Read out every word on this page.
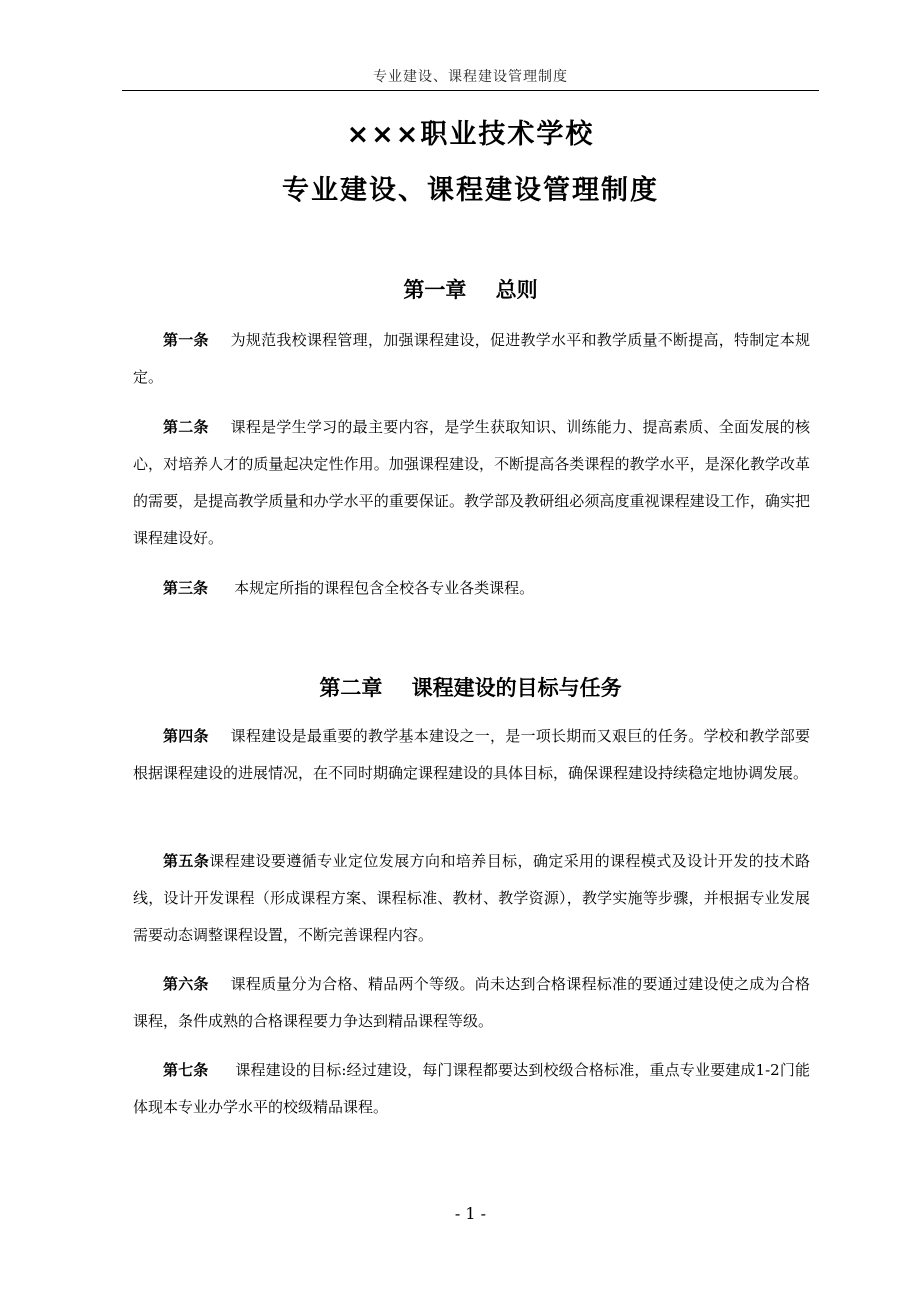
专业建设、课程建设管理制度
×××职业技术学校
专业建设、课程建设管理制度
第一章    总则

第一条 为规范我校课程管理，加强课程建设，促进教学水平和教学质量不断提高，特制定本规定。

第二条 课程是学生学习的最主要内容，是学生获取知识、训练能力、提高素质、全面发展的核心，对培养人才的质量起决定性作用。加强课程建设，不断提高各类课程的教学水平，是深化教学改革的需要，是提高教学质量和办学水平的重要保证。教学部及教研组必须高度重视课程建设工作，确实把课程建设好。

第三条 本规定所指的课程包含全校各专业各类课程。

第二章    课程建设的目标与任务

第四条 课程建设是最重要的教学基本建设之一，是一项长期而又艰巨的任务。学校和教学部要根据课程建设的进展情况，在不同时期确定课程建设的具体目标，确保课程建设持续稳定地协调发展。

第五条课程建设要遵循专业定位发展方向和培养目标，确定采用的课程模式及设计开发的技术路线，设计开发课程（形成课程方案、课程标准、教材、教学资源），教学实施等步骤，并根据专业发展需要动态调整课程设置，不断完善课程内容。

第六条 课程质量分为合格、精品两个等级。尚未达到合格课程标准的要通过建设使之成为合格课程，条件成熟的合格课程要力争达到精品课程等级。

第七条 课程建设的目标:经过建设，每门课程都要达到校级合格标准，重点专业要建成1-2门能体现本专业办学水平的校级精品课程。

- 1 -
